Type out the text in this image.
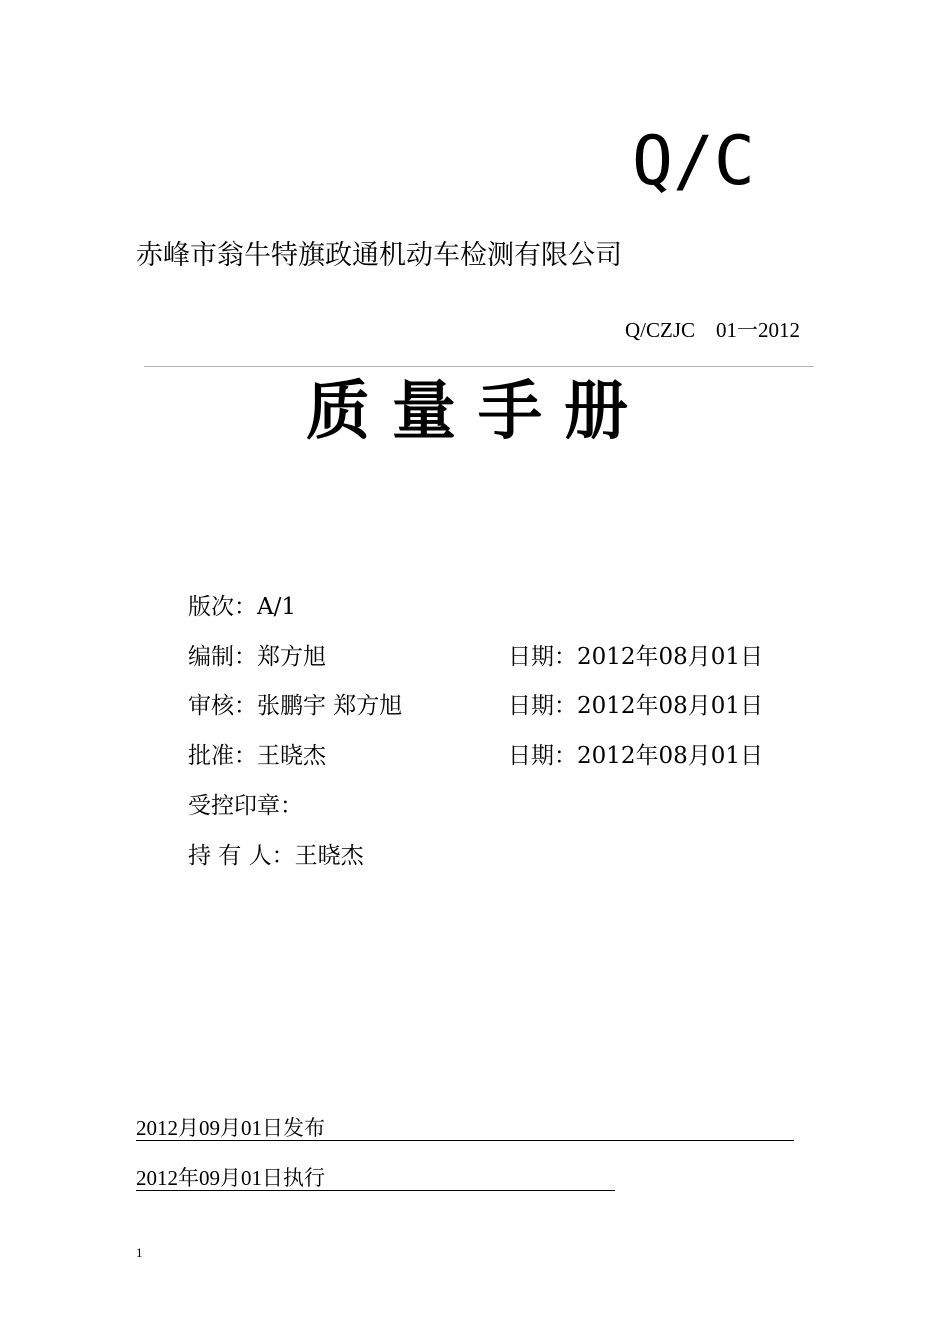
Q/C
赤峰市翁牛特旗政通机动车检测有限公司
Q/CZJC　01一2012
质量手册
版次：A/1
编制：郑方旭	日期：2012年08月01日
审核：张鹏宇 郑方旭	日期：2012年08月01日
批准：王晓杰	日期：2012年08月01日
受控印章：
持 有 人：王晓杰
2012月09月01日发布
2012年09月01日执行
1
